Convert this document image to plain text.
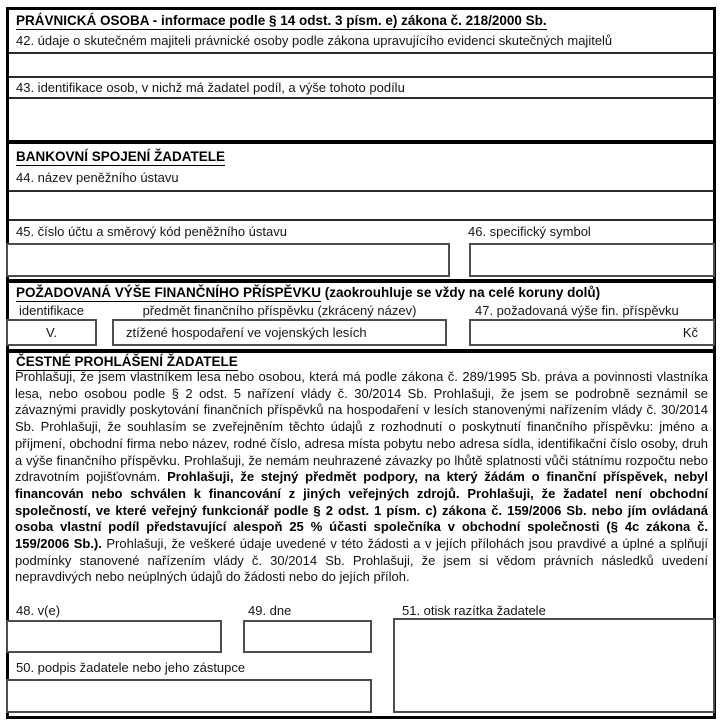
PRÁVNICKÁ OSOBA - informace podle § 14 odst. 3 písm. e) zákona č. 218/2000 Sb.
42. údaje o skutečném majiteli právnické osoby podle zákona upravujícího evidenci skutečných majitelů
43. identifikace osob, v nichž má žadatel podíl, a výše tohoto podílu
BANKOVNÍ SPOJENÍ ŽADATELE
44. název peněžního ústavu
45. číslo účtu a směrový kód peněžního ústavu	46. specifický symbol
POŽADOVANÁ VÝŠE FINANČNÍHO PŘÍSPĚVKU (zaokrouhluje se vždy na celé koruny dolů)
identifikace	předmět finančního příspěvku (zkrácený název)	47. požadovaná výše fin. příspěvku
V.	ztížené hospodaření ve vojenských lesích	Kč
ČESTNÉ PROHLÁŠENÍ ŽADATELE
Prohlašuji, že jsem vlastníkem lesa nebo osobou, která má podle zákona č. 289/1995 Sb. práva a povinnosti vlastníka lesa, nebo osobou podle § 2 odst. 5 nařízení vlády č. 30/2014 Sb. Prohlašuji, že jsem se podrobně seznámil se závaznými pravidly poskytování finančních příspěvků na hospodaření v lesích stanovenými nařízením vlády č. 30/2014 Sb. Prohlašuji, že souhlasím se zveřejněním těchto údajů z rozhodnutí o poskytnutí finančního příspěvku: jméno a příjmení, obchodní firma nebo název, rodné číslo, adresa místa pobytu nebo adresa sídla, identifikační číslo osoby, druh a výše finančního příspěvku. Prohlašuji, že nemám neuhrazené závazky po lhůtě splatnosti vůči státnímu rozpočtu nebo zdravotním pojišťovnám. Prohlašuji, že stejný předmět podpory, na který žádám o finanční příspěvek, nebyl financován nebo schválen k financování z jiných veřejných zdrojů. Prohlašuji, že žadatel není obchodní společností, ve které veřejný funkcionář podle § 2 odst. 1 písm. c) zákona č. 159/2006 Sb. nebo jím ovládaná osoba vlastní podíl představující alespoň 25 % účasti společníka v obchodní společnosti (§ 4c zákona č. 159/2006 Sb.). Prohlašuji, že veškeré údaje uvedené v této žádosti a v jejích přílohách jsou pravdivé a úplné a splňují podmínky stanovené nařízením vlády č. 30/2014 Sb. Prohlašuji, že jsem si vědom právních následků uvedení nepravdivých nebo neúplných údajů do žádosti nebo do jejích příloh.
48. v(e)	49. dne	51. otisk razítka žadatele
50. podpis žadatele nebo jeho zástupce
